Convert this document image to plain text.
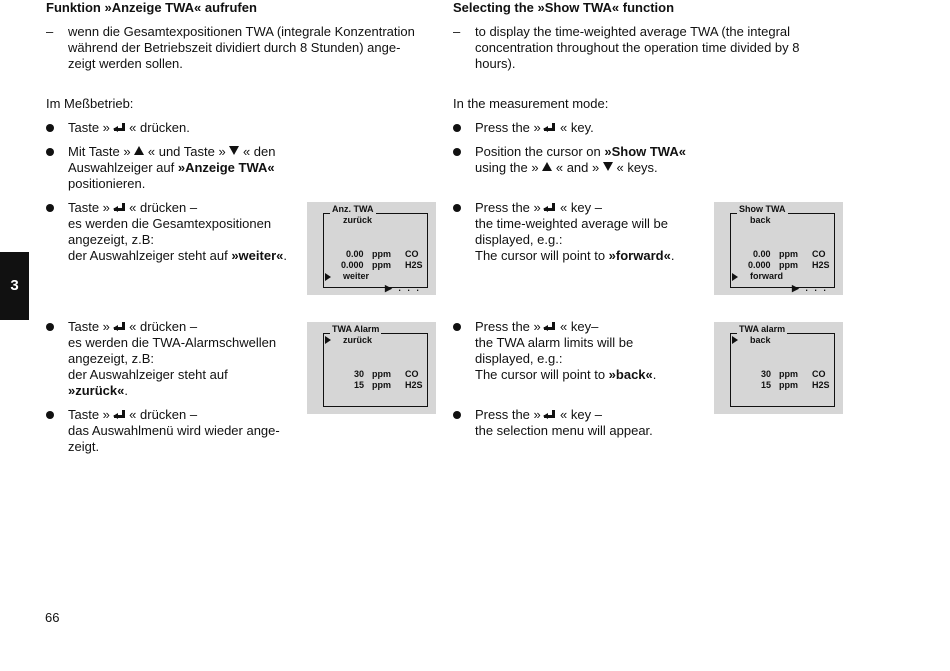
Funktion »Anzeige TWA« aufrufen
– wenn die Gesamtexpositionen TWA (integrale Konzentration
während der Betriebszeit dividiert durch 8 Stunden) ange-
zeigt werden sollen.
Im Meßbetrieb:
Taste » « drücken.
Mit Taste » « und Taste » « den
Auswahlzeiger auf »Anzeige TWA«
positionieren.
Taste » « drücken –
es werden die Gesamtexpositionen
angezeigt, z.B:
der Auswahlzeiger steht auf »weiter«.
Taste » « drücken –
es werden die TWA-Alarmschwellen
angezeigt, z.B:
der Auswahlzeiger steht auf
»zurück«.
Taste » « drücken –
das Auswahlmenü wird wieder ange-
zeigt.
Anz. TWA
zurück
0.00 ppm CO
0.000 ppm H2S
weiter
▶ . . .
TWA Alarm
zurück
30 ppm CO
15 ppm H2S
Selecting the »Show TWA« function
– to display the time-weighted average TWA (the integral
concentration throughout the operation time divided by 8
hours).
In the measurement mode:
Press the » « key.
Position the cursor on »Show TWA«
using the » « and » « keys.
Press the » « key –
the time-weighted average will be
displayed, e.g.:
The cursor will point to »forward«.
Press the » « key–
the TWA alarm limits will be
displayed, e.g.:
The cursor will point to »back«.
Press the » « key –
the selection menu will appear.
Show TWA
back
0.00 ppm CO
0.000 ppm H2S
forward
▶ . . .
TWA alarm
back
30 ppm CO
15 ppm H2S
3
66
